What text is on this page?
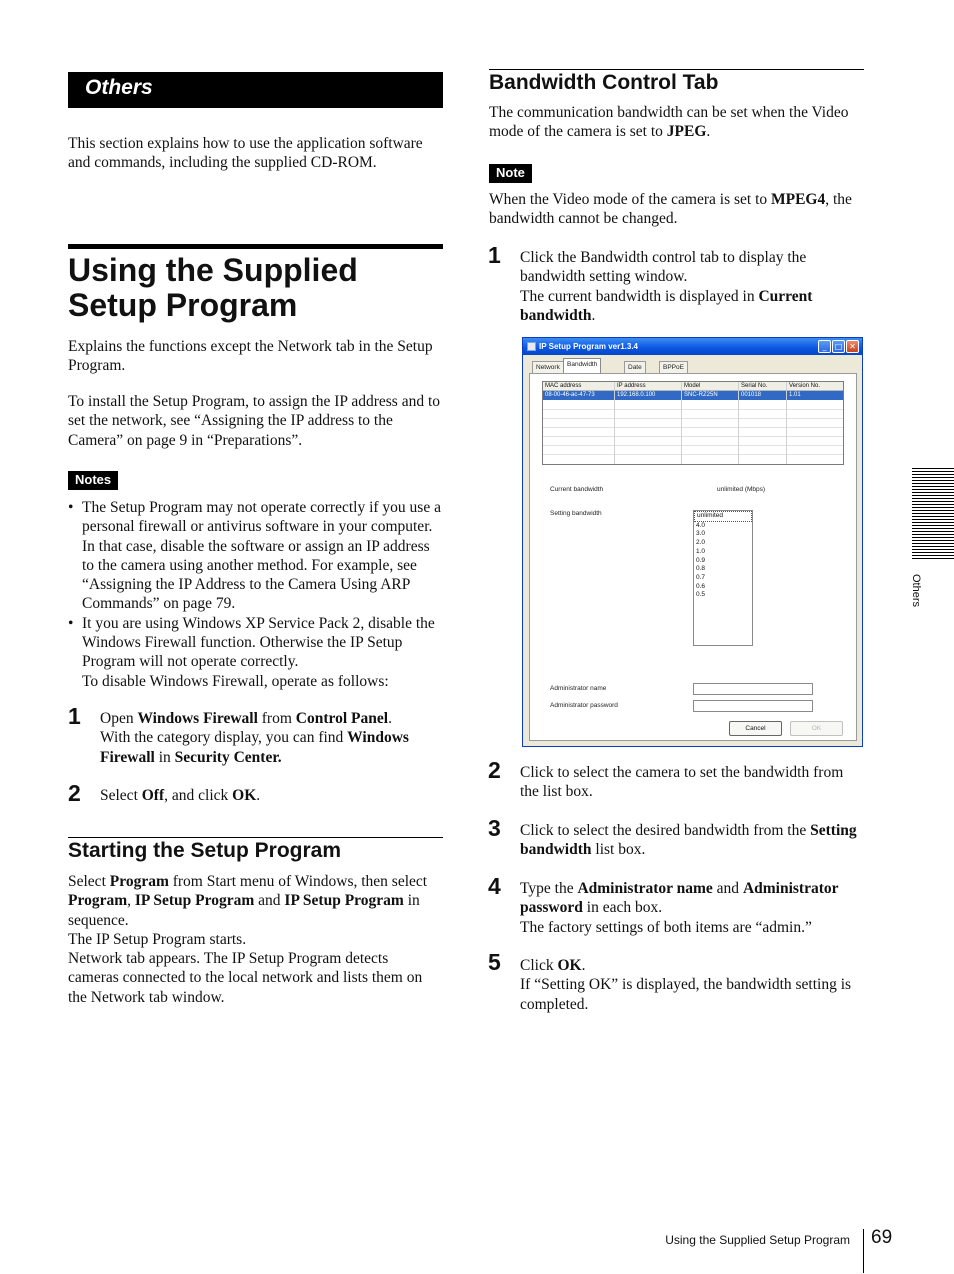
Others

This section explains how to use the application software and commands, including the supplied CD-ROM.

Using the Supplied Setup Program

Explains the functions except the Network tab in the Setup Program.

To install the Setup Program, to assign the IP address and to set the network, see “Assigning the IP address to the Camera” on page 9 in “Preparations”.

Notes
• The Setup Program may not operate correctly if you use a personal firewall or antivirus software in your computer. In that case, disable the software or assign an IP address to the camera using another method. For example, see “Assigning the IP Address to the Camera Using ARP Commands” on page 79.
• It you are using Windows XP Service Pack 2, disable the Windows Firewall function. Otherwise the IP Setup Program will not operate correctly.
To disable Windows Firewall, operate as follows:
1 Open Windows Firewall from Control Panel.
With the category display, you can find Windows Firewall in Security Center.

2 Select Off, and click OK.

Starting the Setup Program

Select Program from Start menu of Windows, then select Program, IP Setup Program and IP Setup Program in sequence.
The IP Setup Program starts.
Network tab appears. The IP Setup Program detects cameras connected to the local network and lists them on the Network tab window.

Bandwidth Control Tab

The communication bandwidth can be set when the Video mode of the camera is set to JPEG.

Note

When the Video mode of the camera is set to MPEG4, the bandwidth cannot be changed.

1 Click the Bandwidth control tab to display the bandwidth setting window.
The current bandwidth is displayed in Current bandwidth.

IP Setup Program ver1.3.4	_	□ ✕
Network	Bandwidth	Date	BPPoE
MAC address	IP address	Model	Serial No.	Version No.
08-00-46-ac-47-73	192.168.0.100	SNC-RZ25N	001018	1.01
Current bandwidth	unlimited (Mbps)
Setting bandwidth	unlimited
4.0
3.0
2.0
1.0
0.9
0.8
0.7
0.6
0.5
Administrator name
Administrator password
Cancel	OK
2 Click to select the camera to set the bandwidth from the list box.

3 Click to select the desired bandwidth from the Setting bandwidth list box.

4 Type the Administrator name and Administrator password in each box.
The factory settings of both items are “admin.”

5 Click OK.
If “Setting OK” is displayed, the bandwidth setting is completed.

Others
Using the Supplied Setup Program 69
